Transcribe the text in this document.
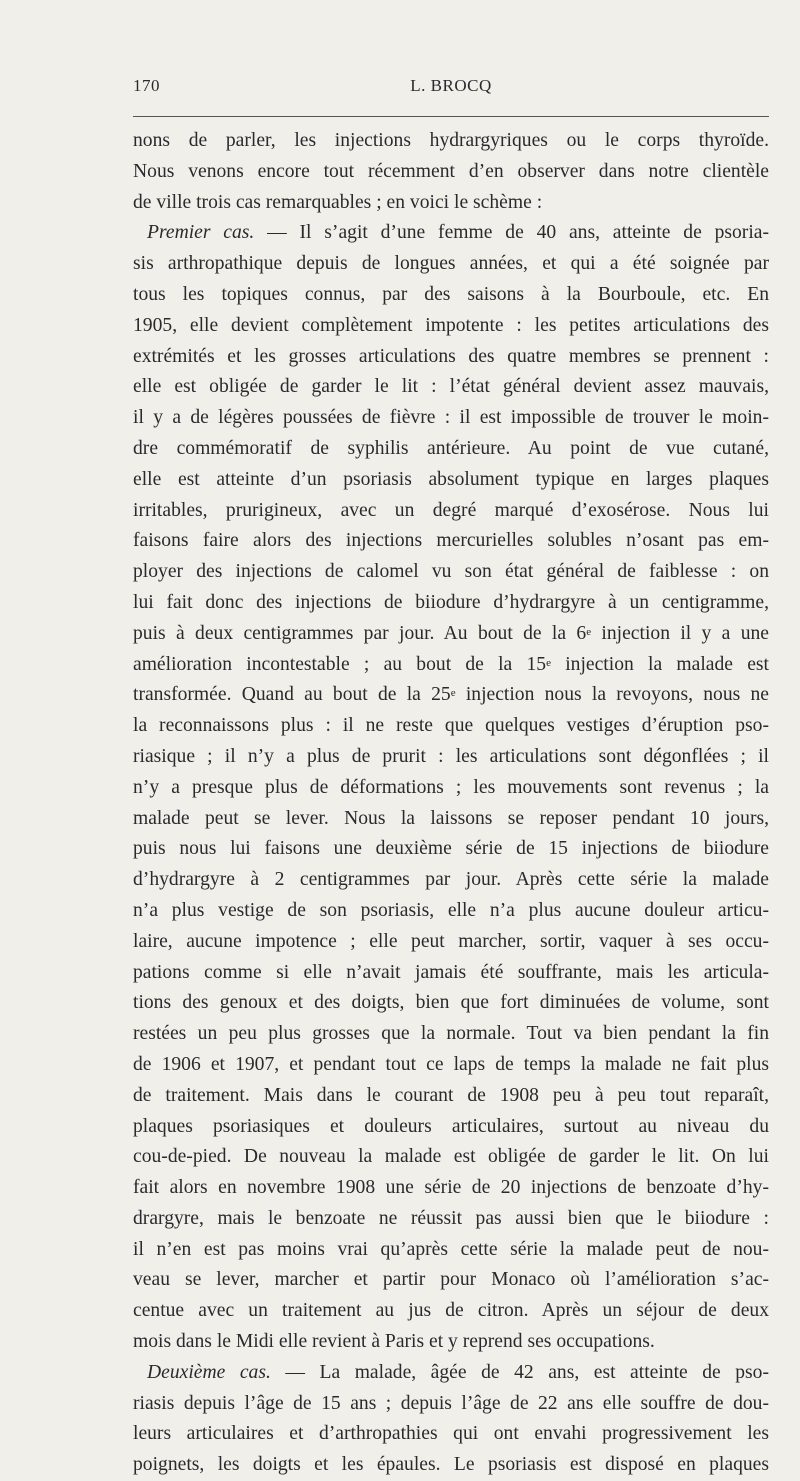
170	L. BROCQ
nons de parler, les injections hydrargyriques ou le corps thyroïde.
Nous venons encore tout récemment d’en observer dans notre clientèle
de ville trois cas remarquables ; en voici le schème :
Premier cas. — Il s’agit d’une femme de 40 ans, atteinte de psoria-
sis arthropathique depuis de longues années, et qui a été soignée par
tous les topiques connus, par des saisons à la Bourboule, etc. En
1905, elle devient complètement impotente : les petites articulations des
extrémités et les grosses articulations des quatre membres se prennent :
elle est obligée de garder le lit : l’état général devient assez mauvais,
il y a de légères poussées de fièvre : il est impossible de trouver le moin-
dre commémoratif de syphilis antérieure. Au point de vue cutané,
elle est atteinte d’un psoriasis absolument typique en larges plaques
irritables, prurigineux, avec un degré marqué d’exosérose. Nous lui
faisons faire alors des injections mercurielles solubles n’osant pas em-
ployer des injections de calomel vu son état général de faiblesse : on
lui fait donc des injections de biiodure d’hydrargyre à un centigramme,
puis à deux centigrammes par jour. Au bout de la 6e injection il y a une
amélioration incontestable ; au bout de la 15e injection la malade est
transformée. Quand au bout de la 25e injection nous la revoyons, nous ne
la reconnaissons plus : il ne reste que quelques vestiges d’éruption pso-
riasique ; il n’y a plus de prurit : les articulations sont dégonflées ; il
n’y a presque plus de déformations ; les mouvements sont revenus ; la
malade peut se lever. Nous la laissons se reposer pendant 10 jours,
puis nous lui faisons une deuxième série de 15 injections de biiodure
d’hydrargyre à 2 centigrammes par jour. Après cette série la malade
n’a plus vestige de son psoriasis, elle n’a plus aucune douleur articu-
laire, aucune impotence ; elle peut marcher, sortir, vaquer à ses occu-
pations comme si elle n’avait jamais été souffrante, mais les articula-
tions des genoux et des doigts, bien que fort diminuées de volume, sont
restées un peu plus grosses que la normale. Tout va bien pendant la fin
de 1906 et 1907, et pendant tout ce laps de temps la malade ne fait plus
de traitement. Mais dans le courant de 1908 peu à peu tout reparaît,
plaques psoriasiques et douleurs articulaires, surtout au niveau du
cou-de-pied. De nouveau la malade est obligée de garder le lit. On lui
fait alors en novembre 1908 une série de 20 injections de benzoate d’hy-
drargyre, mais le benzoate ne réussit pas aussi bien que le biiodure :
il n’en est pas moins vrai qu’après cette série la malade peut de nou-
veau se lever, marcher et partir pour Monaco où l’amélioration s’ac-
centue avec un traitement au jus de citron. Après un séjour de deux
mois dans le Midi elle revient à Paris et y reprend ses occupations.
Deuxième cas. — La malade, âgée de 42 ans, est atteinte de pso-
riasis depuis l’âge de 15 ans ; depuis l’âge de 22 ans elle souffre de dou-
leurs articulaires et d’arthropathies qui ont envahi progressivement les
poignets, les doigts et les épaules. Le psoriasis est disposé en plaques
